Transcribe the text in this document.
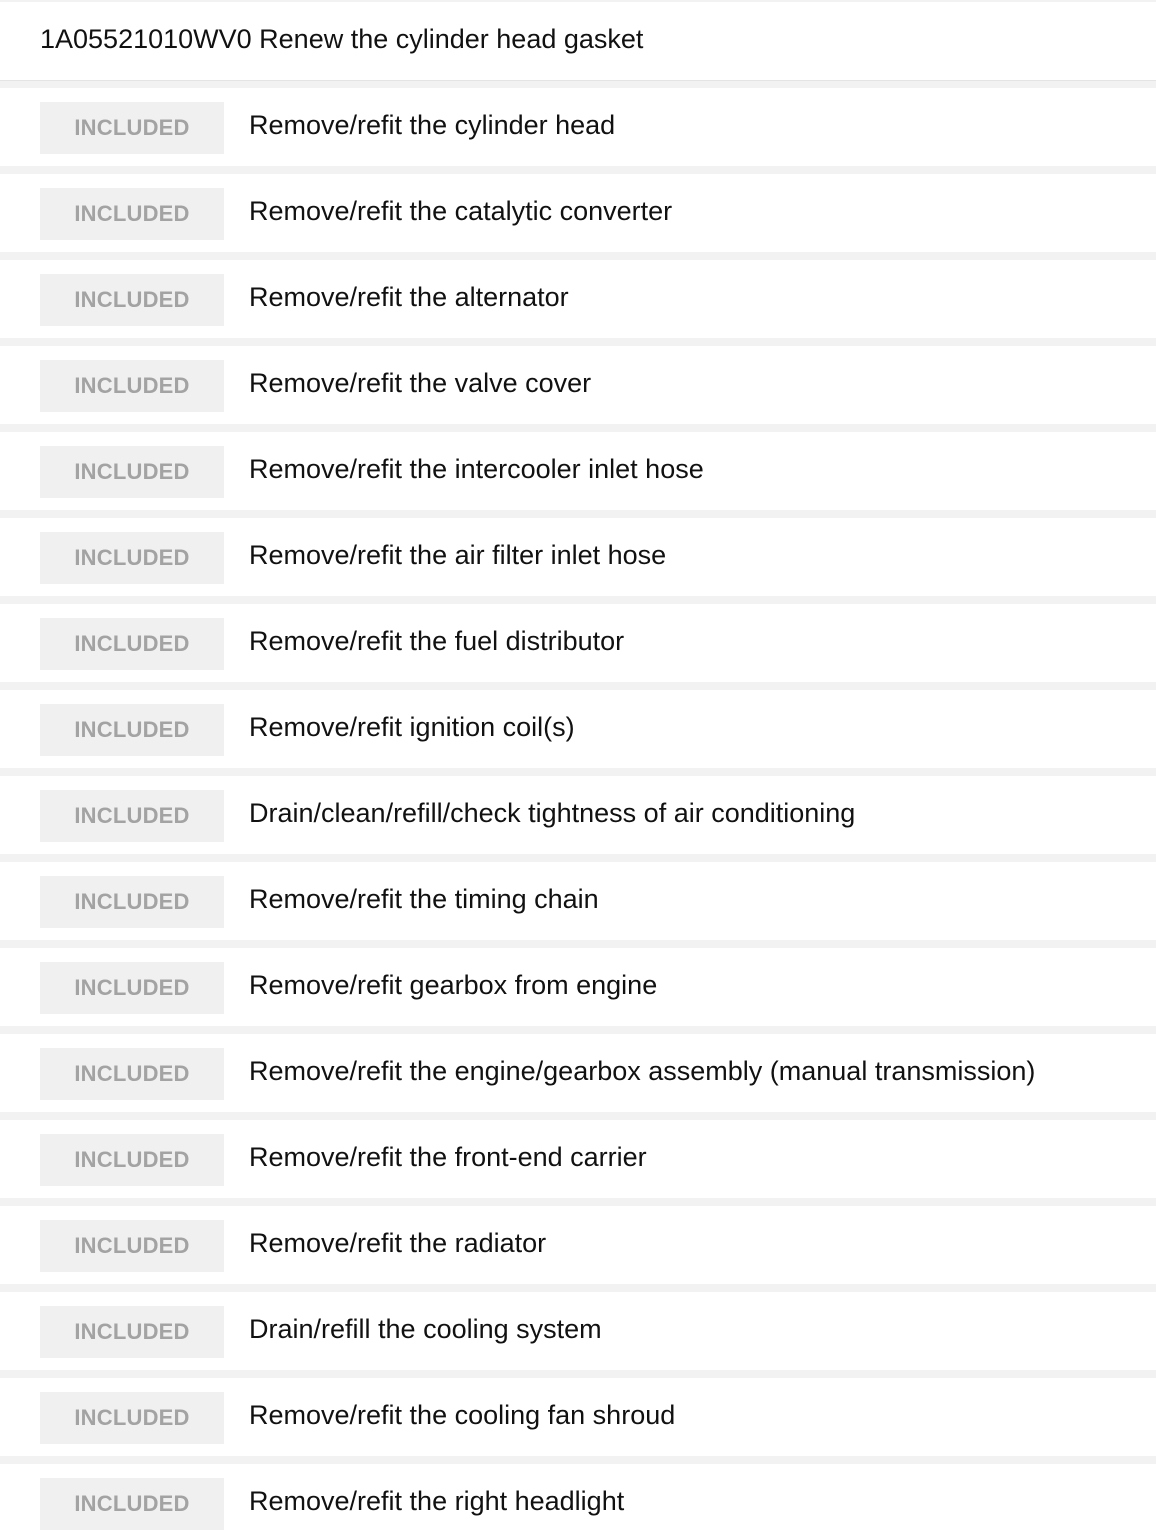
1A05521010WV0 Renew the cylinder head gasket
INCLUDED	Remove/refit the cylinder head
INCLUDED	Remove/refit the catalytic converter
INCLUDED	Remove/refit the alternator
INCLUDED	Remove/refit the valve cover
INCLUDED	Remove/refit the intercooler inlet hose
INCLUDED	Remove/refit the air filter inlet hose
INCLUDED	Remove/refit the fuel distributor
INCLUDED	Remove/refit ignition coil(s)
INCLUDED	Drain/clean/refill/check tightness of air conditioning
INCLUDED	Remove/refit the timing chain
INCLUDED	Remove/refit gearbox from engine
INCLUDED	Remove/refit the engine/gearbox assembly (manual transmission)
INCLUDED	Remove/refit the front-end carrier
INCLUDED	Remove/refit the radiator
INCLUDED	Drain/refill the cooling system
INCLUDED	Remove/refit the cooling fan shroud
INCLUDED	Remove/refit the right headlight
